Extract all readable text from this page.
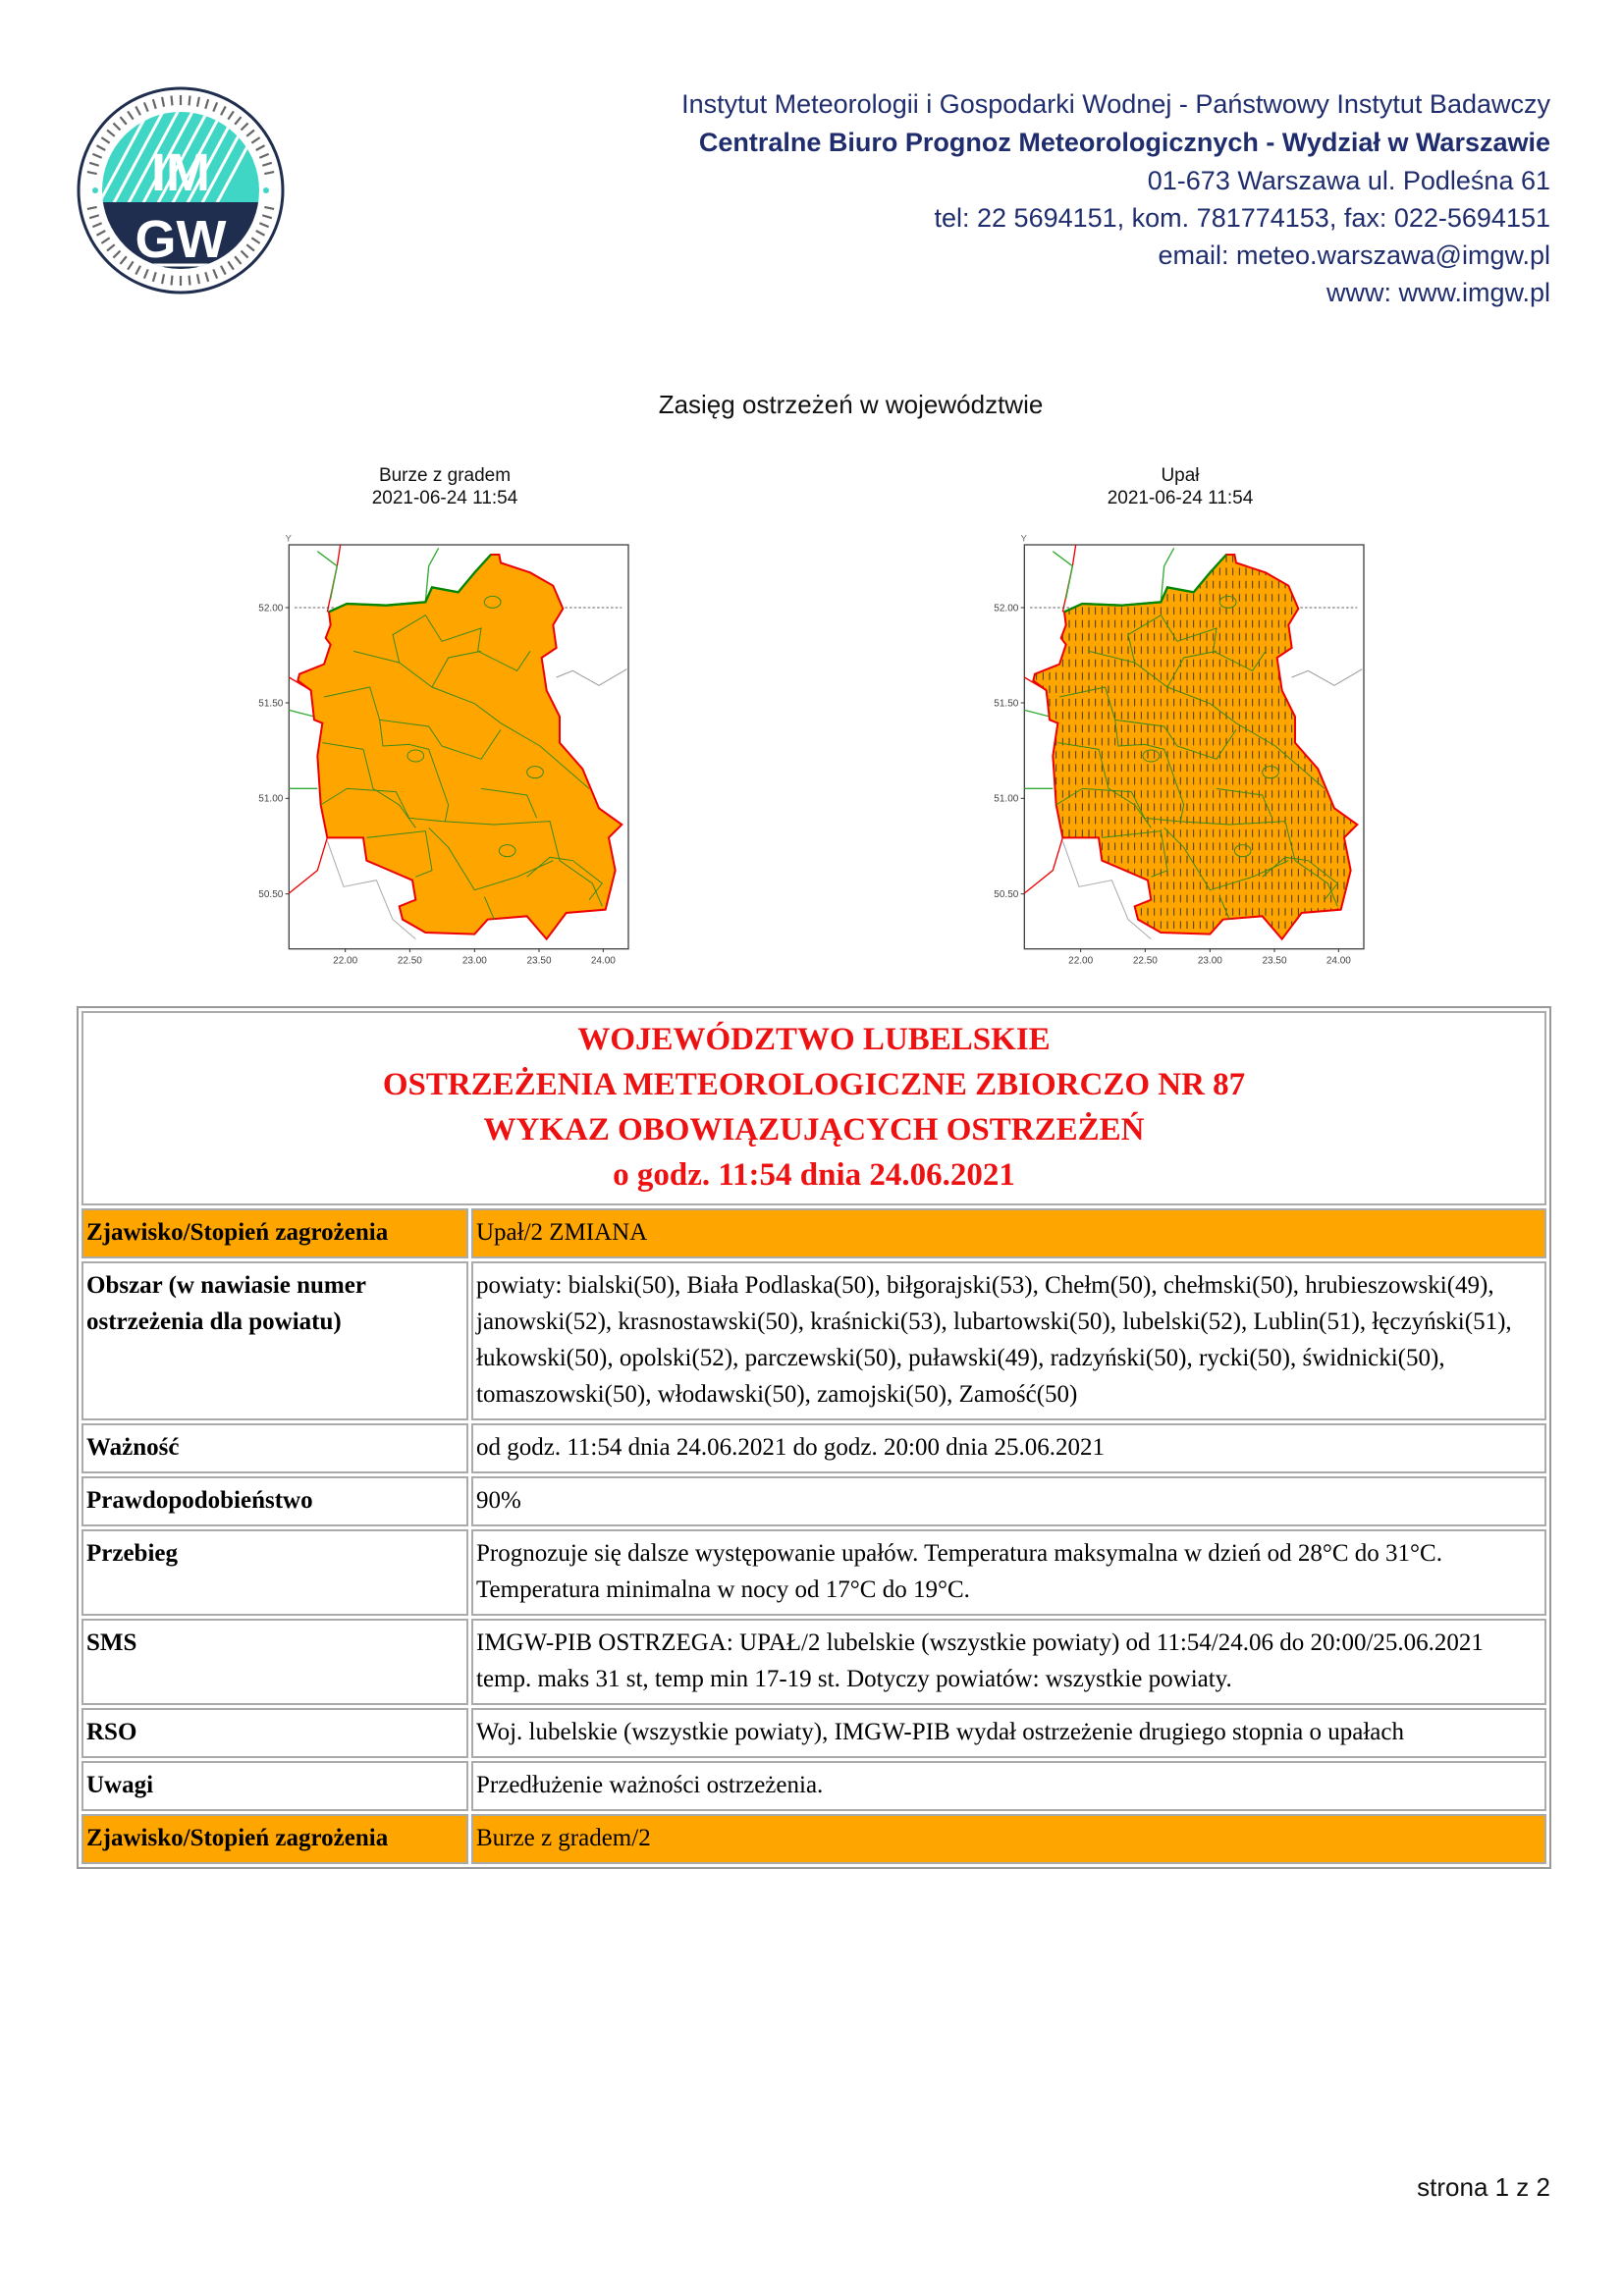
IM
GW
Instytut Meteorologii i Gospodarki Wodnej - Państwowy Instytut Badawczy
Centralne Biuro Prognoz Meteorologicznych - Wydział w Warszawie
01-673 Warszawa ul. Podleśna 61
tel: 22 5694151, kom. 781774153, fax: 022-5694151
email: meteo.warszawa@imgw.pl
www: www.imgw.pl
Zasięg ostrzeżeń w województwie
Burze z gradem
2021-06-24 11:54
Upał
2021-06-24 11:54
52.00
51.50
51.00
50.50
22.00 22.50 23.00 23.50 24.00
Y
52.00
51.50
51.00
50.50
22.00 22.50 23.00 23.50 24.00
Y
WOJEWÓDZTWO LUBELSKIE
OSTRZEŻENIA METEOROLOGICZNE ZBIORCZO NR 87
WYKAZ OBOWIĄZUJĄCYCH OSTRZEŻEŃ
o godz. 11:54 dnia 24.06.2021	

Zjawisko/Stopień zagrożenia	Upał/2 ZMIANA
Obszar (w nawiasie numer ostrzeżenia dla powiatu)	powiaty: bialski(50), Biała Podlaska(50), biłgorajski(53), Chełm(50), chełmski(50), hrubieszowski(49), janowski(52), krasnostawski(50), kraśnicki(53), lubartowski(50), lubelski(52), Lublin(51), łęczyński(51), łukowski(50), opolski(52), parczewski(50), puławski(49), radzyński(50), rycki(50), świdnicki(50), tomaszowski(50), włodawski(50), zamojski(50), Zamość(50)
Ważność	od godz. 11:54 dnia 24.06.2021 do godz. 20:00 dnia 25.06.2021
Prawdopodobieństwo	90%
Przebieg	Prognozuje się dalsze występowanie upałów. Temperatura maksymalna w dzień od 28°C do 31°C. Temperatura minimalna w nocy od 17°C do 19°C.
SMS	IMGW-PIB OSTRZEGA: UPAŁ/2 lubelskie (wszystkie powiaty) od 11:54/24.06 do 20:00/25.06.2021 temp. maks 31 st, temp min 17-19 st. Dotyczy powiatów: wszystkie powiaty.
RSO	Woj. lubelskie (wszystkie powiaty), IMGW-PIB wydał ostrzeżenie drugiego stopnia o upałach
Uwagi	Przedłużenie ważności ostrzeżenia.
Zjawisko/Stopień zagrożenia	Burze z gradem/2
strona 1 z 2
